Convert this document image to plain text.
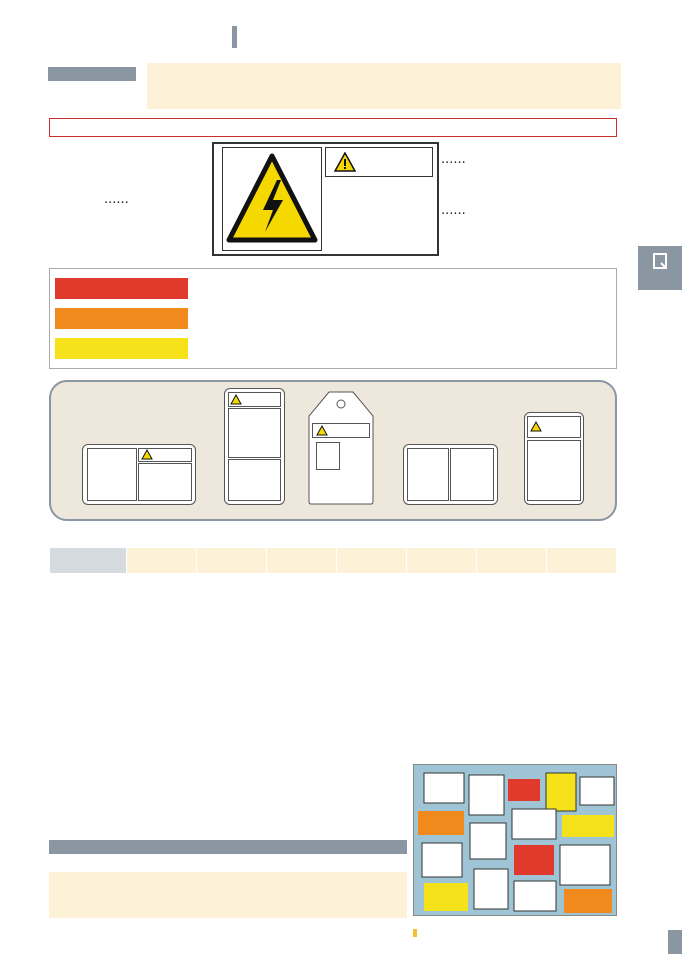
······
······
······
